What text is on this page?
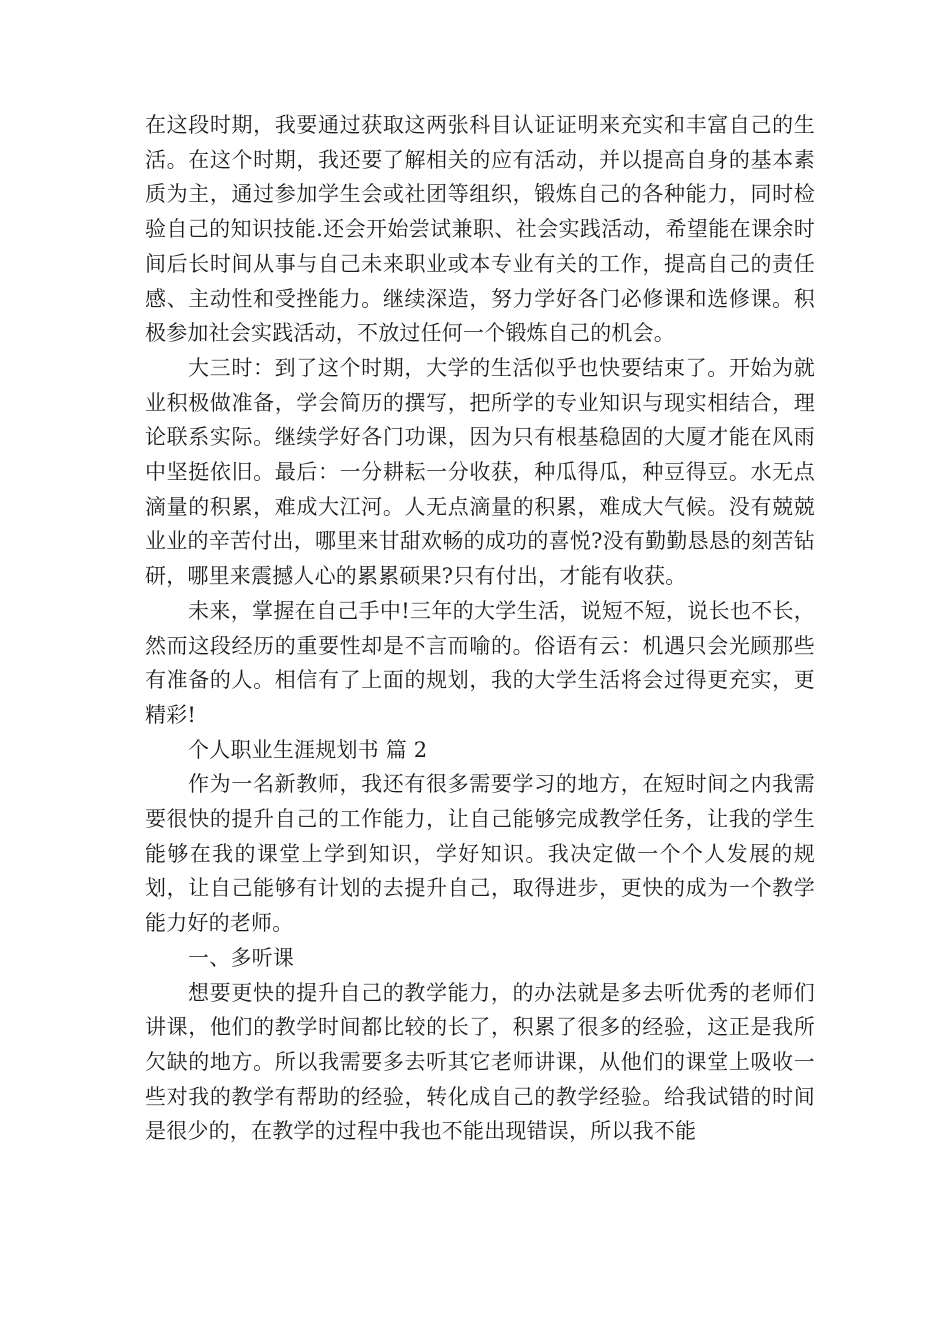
在这段时期，我要通过获取这两张科目认证证明来充实和丰富自己的生活。在这个时期，我还要了解相关的应有活动，并以提高自身的基本素质为主，通过参加学生会或社团等组织，锻炼自己的各种能力，同时检验自己的知识技能.还会开始尝试兼职、社会实践活动，希望能在课余时间后长时间从事与自己未来职业或本专业有关的工作，提高自己的责任感、主动性和受挫能力。继续深造，努力学好各门必修课和选修课。积极参加社会实践活动，不放过任何一个锻炼自己的机会。

大三时：到了这个时期，大学的生活似乎也快要结束了。开始为就业积极做准备，学会简历的撰写，把所学的专业知识与现实相结合，理论联系实际。继续学好各门功课，因为只有根基稳固的大厦才能在风雨中坚挺依旧。最后：一分耕耘一分收获，种瓜得瓜，种豆得豆。水无点滴量的积累，难成大江河。人无点滴量的积累，难成大气候。没有兢兢业业的辛苦付出，哪里来甘甜欢畅的成功的喜悦?没有勤勤恳恳的刻苦钻研，哪里来震撼人心的累累硕果?只有付出，才能有收获。

未来，掌握在自己手中!三年的大学生活，说短不短，说长也不长，然而这段经历的重要性却是不言而喻的。俗语有云：机遇只会光顾那些有准备的人。相信有了上面的规划，我的大学生活将会过得更充实，更精彩!

个人职业生涯规划书 篇 2

作为一名新教师，我还有很多需要学习的地方，在短时间之内我需要很快的提升自己的工作能力，让自己能够完成教学任务，让我的学生能够在我的课堂上学到知识，学好知识。我决定做一个个人发展的规划，让自己能够有计划的去提升自己，取得进步，更快的成为一个教学能力好的老师。

一、多听课

想要更快的提升自己的教学能力，的办法就是多去听优秀的老师们讲课，他们的教学时间都比较的长了，积累了很多的经验，这正是我所欠缺的地方。所以我需要多去听其它老师讲课，从他们的课堂上吸收一些对我的教学有帮助的经验，转化成自己的教学经验。给我试错的时间是很少的，在教学的过程中我也不能出现错误，所以我不能
